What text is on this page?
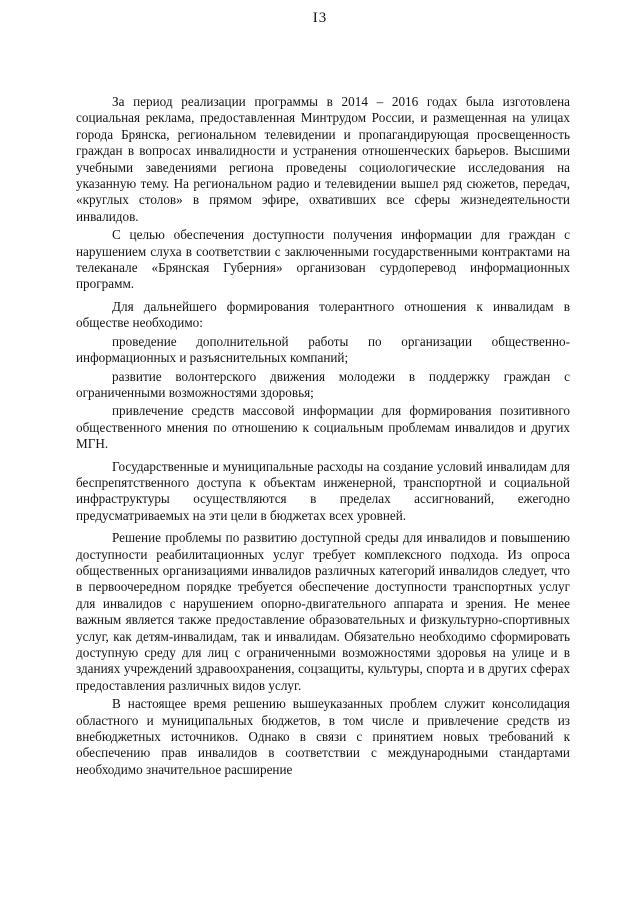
I3

За период реализации программы в 2014 – 2016 годах была изготовлена социальная реклама, предоставленная Минтрудом России, и размещенная на улицах города Брянска, региональном телевидении и пропагандирующая просвещенность граждан в вопросах инвалидности и устранения отношенческих барьеров. Высшими учебными заведениями региона проведены социологические исследования на указанную тему. На региональном радио и телевидении вышел ряд сюжетов, передач, «круглых столов» в прямом эфире, охвативших все сферы жизнедеятельности инвалидов.

С целью обеспечения доступности получения информации для граждан с нарушением слуха в соответствии с заключенными государственными контрактами на телеканале «Брянская Губерния» организован сурдоперевод информационных программ.

Для дальнейшего формирования толерантного отношения к инвалидам в обществе необходимо:

проведение дополнительной работы по организации общественно-информационных и разъяснительных компаний;

развитие волонтерского движения молодежи в поддержку граждан с ограниченными возможностями здоровья;

привлечение средств массовой информации для формирования позитивного общественного мнения по отношению к социальным проблемам инвалидов и других МГН.

Государственные и муниципальные расходы на создание условий инвалидам для беспрепятственного доступа к объектам инженерной, транспортной и социальной инфраструктуры осуществляются в пределах ассигнований, ежегодно предусматриваемых на эти цели в бюджетах всех уровней.

Решение проблемы по развитию доступной среды для инвалидов и повышению доступности реабилитационных услуг требует комплексного подхода. Из опроса общественных организациями инвалидов различных категорий инвалидов следует, что в первоочередном порядке требуется обеспечение доступности транспортных услуг для инвалидов с нарушением опорно-двигательного аппарата и зрения. Не менее важным является также предоставление образовательных и физкультурно-спортивных услуг, как детям-инвалидам, так и инвалидам. Обязательно необходимо сформировать доступную среду для лиц с ограниченными возможностями здоровья на улице и в зданиях учреждений здравоохранения, соцзащиты, культуры, спорта и в других сферах предоставления различных видов услуг.

В настоящее время решению вышеуказанных проблем служит консолидация областного и муниципальных бюджетов, в том числе и привлечение средств из внебюджетных источников. Однако в связи с принятием новых требований к обеспечению прав инвалидов в соответствии с международными стандартами необходимо значительное расширение
